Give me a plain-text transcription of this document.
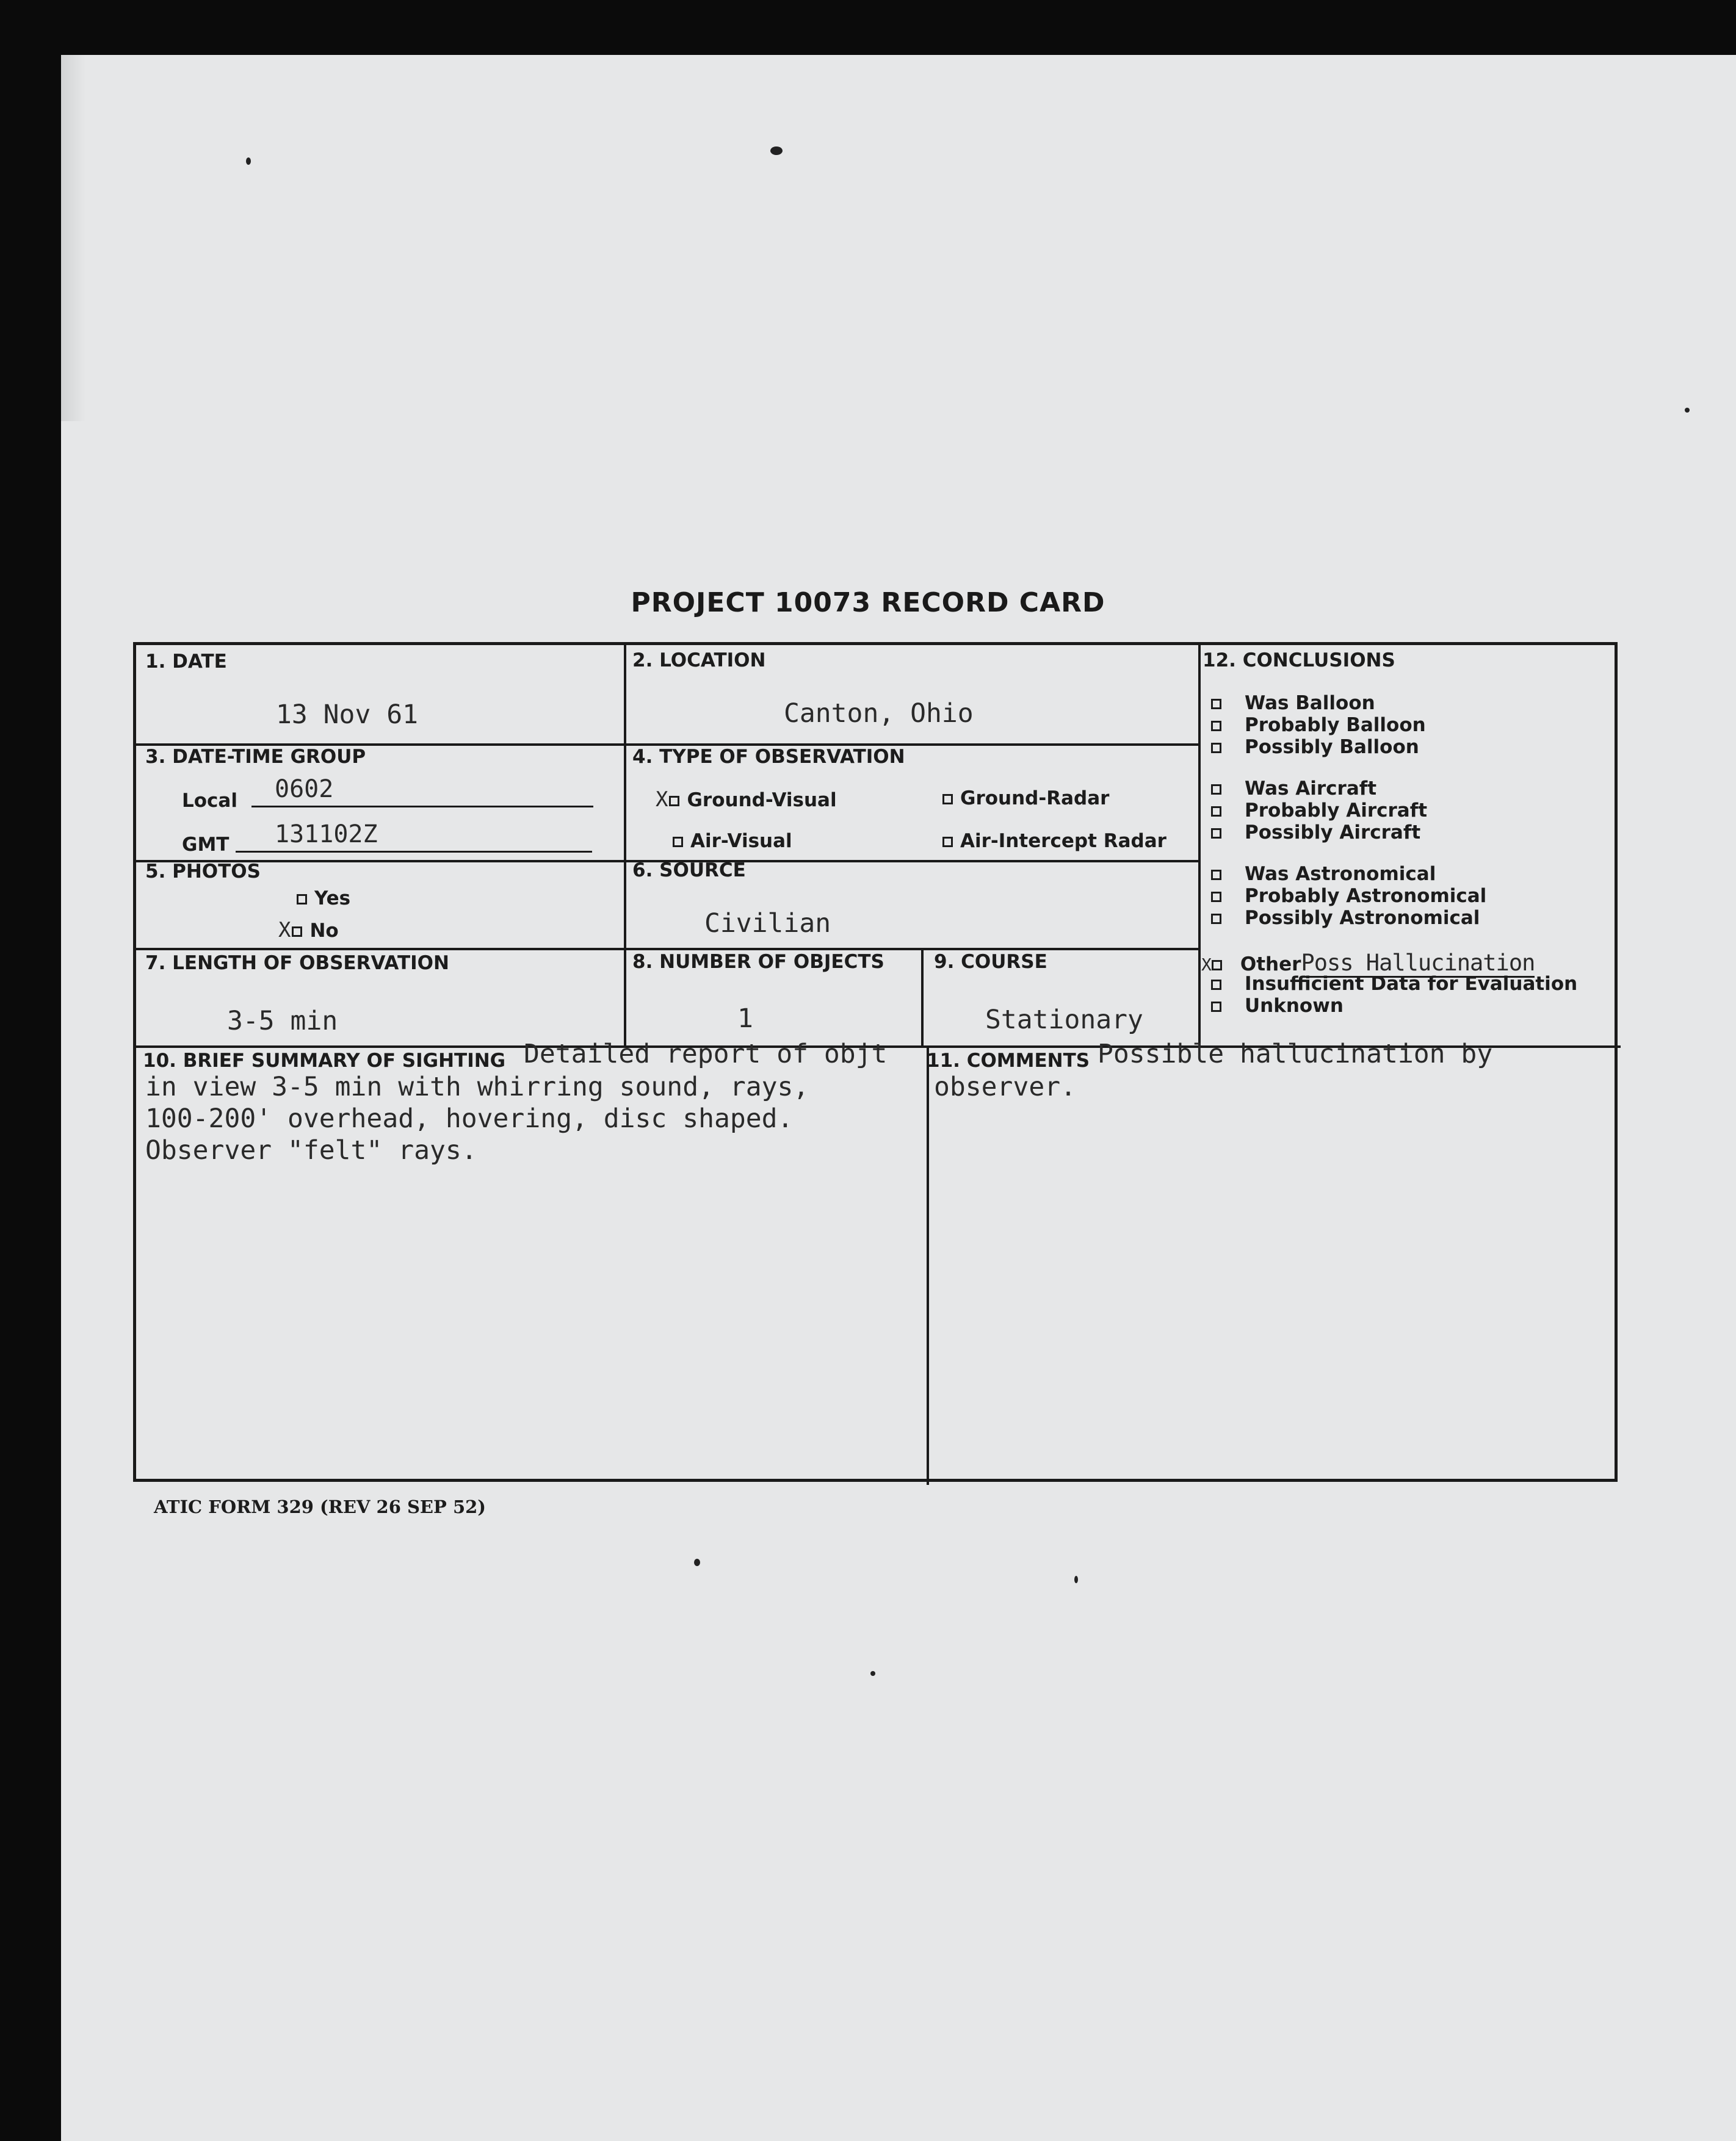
PROJECT 10073 RECORD CARD
1. DATE
13 Nov 61
2. LOCATION
Canton, Ohio
3. DATE-TIME GROUP
Local 0602
GMT 131102Z
4. TYPE OF OBSERVATION
X Ground-Visual	Ground-Radar
Air-Visual	Air-Intercept Radar
5. PHOTOS
Yes
X No
6. SOURCE
Civilian
7. LENGTH OF OBSERVATION
3-5 min
8. NUMBER OF OBJECTS
1
9. COURSE
Stationary
12. CONCLUSIONS
Was Balloon
Probably Balloon
Possibly Balloon
Was Aircraft
Probably Aircraft
Possibly Aircraft
Was Astronomical
Probably Astronomical
Possibly Astronomical
X OtherPoss Hallucination
Insufficient Data for Evaluation
Unknown
10. BRIEF SUMMARY OF SIGHTING Detailed report of objt
in view 3-5 min with whirring sound, rays,
100-200' overhead, hovering, disc shaped.
Observer "felt" rays.
11. COMMENTS Possible hallucination by
observer.
ATIC FORM 329 (REV 26 SEP 52)
